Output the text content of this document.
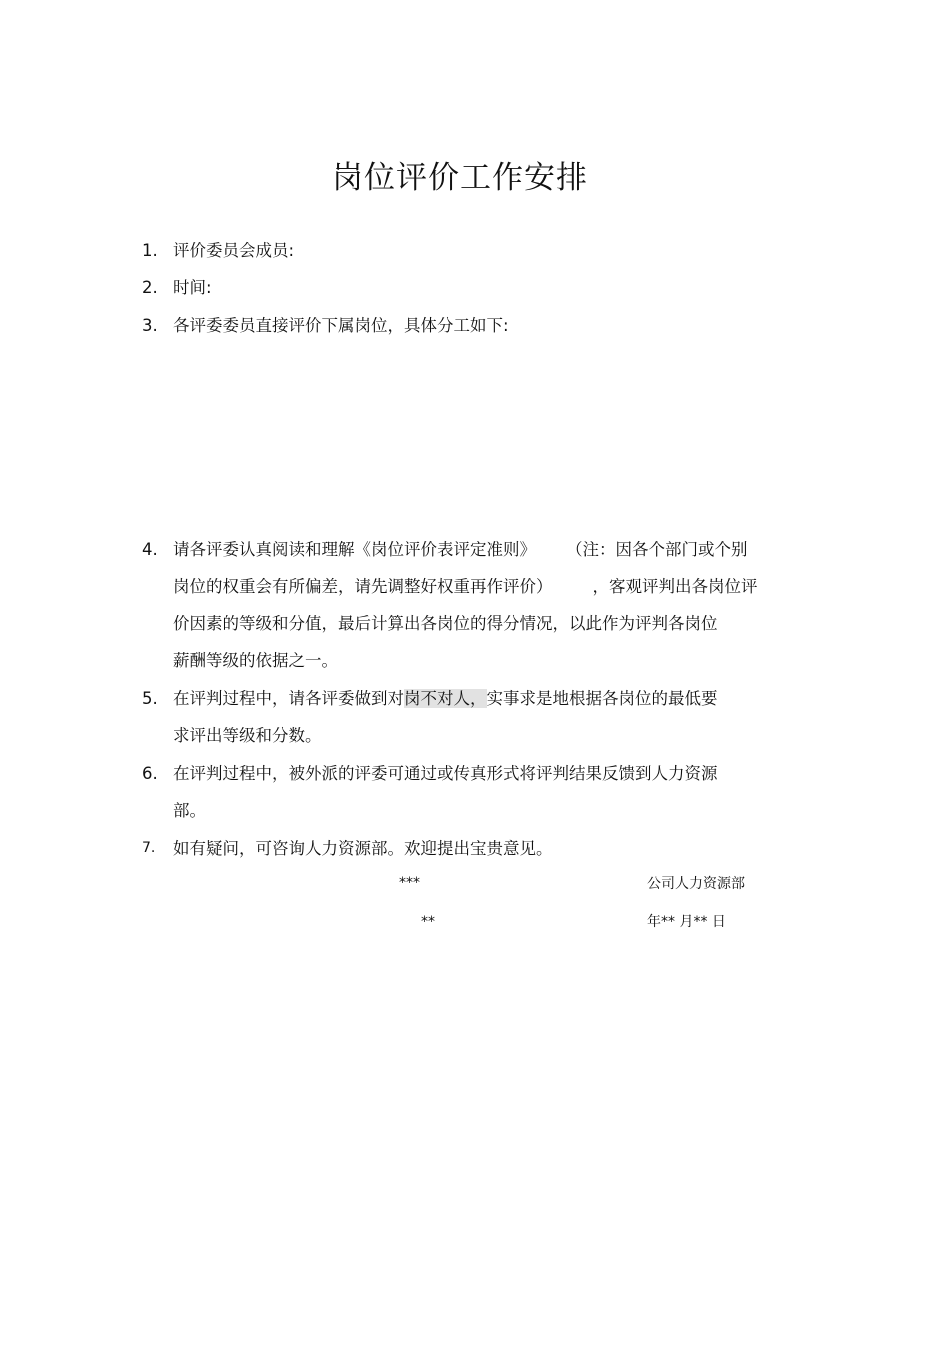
岗位评价工作安排
1. 评价委员会成员:
2. 时间:
3. 各评委委员直接评价下属岗位，具体分工如下:
4. 请各评委认真阅读和理解《岗位评价表评定准则》 （注：因各个部门或个别
岗位的权重会有所偏差，请先调整好权重再作评价） ，客观评判出各岗位评
价因素的等级和分值，最后计算出各岗位的得分情况，以此作为评判各岗位
薪酬等级的依据之一。
5. 在评判过程中，请各评委做到对岗不对人，实事求是地根据各岗位的最低要
求评出等级和分数。
6. 在评判过程中，被外派的评委可通过或传真形式将评判结果反馈到人力资源
部。
7.	如有疑问，可咨询人力资源部。欢迎提出宝贵意见。
***	公司人力资源部
**	年** 月** 日
